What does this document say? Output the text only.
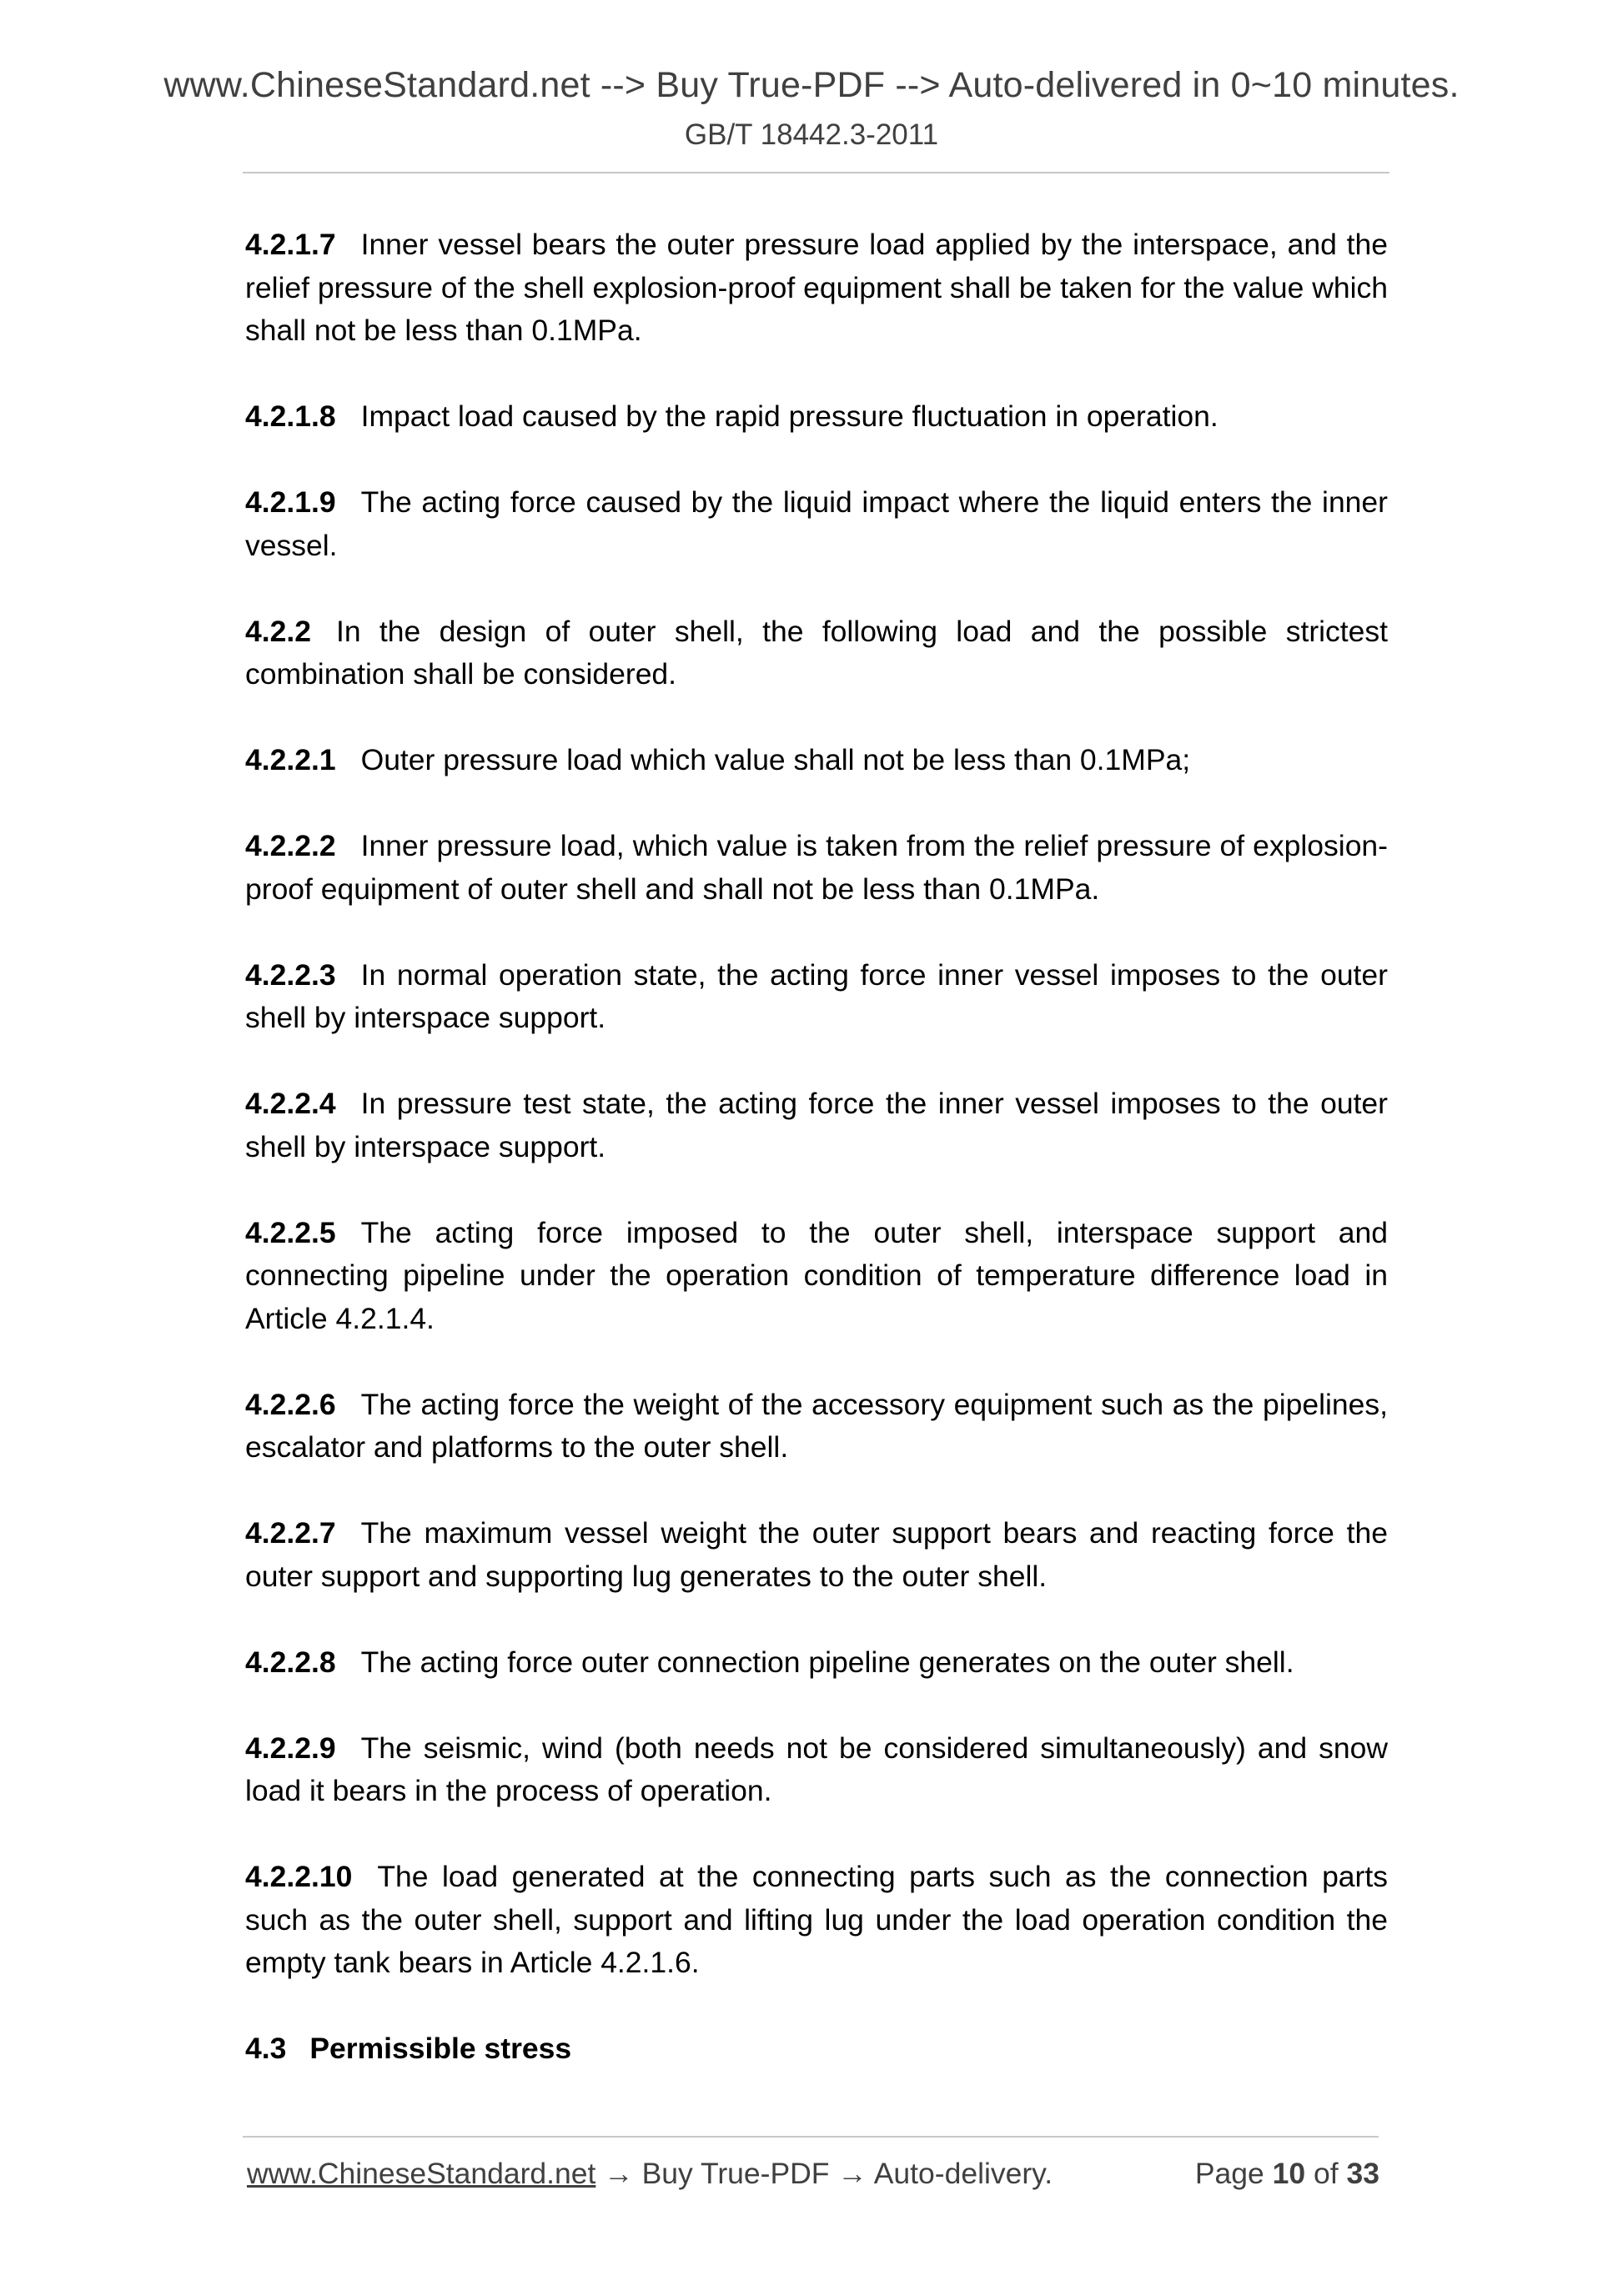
www.ChineseStandard.net --> Buy True-PDF --> Auto-delivered in 0~10 minutes.
GB/T 18442.3-2011

4.2.1.7 Inner vessel bears the outer pressure load applied by the interspace, and the relief pressure of the shell explosion-proof equipment shall be taken for the value which shall not be less than 0.1MPa.

4.2.1.8 Impact load caused by the rapid pressure fluctuation in operation.

4.2.1.9 The acting force caused by the liquid impact where the liquid enters the inner vessel.

4.2.2 In the design of outer shell, the following load and the possible strictest combination shall be considered.

4.2.2.1 Outer pressure load which value shall not be less than 0.1MPa;

4.2.2.2 Inner pressure load, which value is taken from the relief pressure of explosion-proof equipment of outer shell and shall not be less than 0.1MPa.

4.2.2.3 In normal operation state, the acting force inner vessel imposes to the outer shell by interspace support.

4.2.2.4 In pressure test state, the acting force the inner vessel imposes to the outer shell by interspace support.

4.2.2.5 The acting force imposed to the outer shell, interspace support and connecting pipeline under the operation condition of temperature difference load in Article 4.2.1.4.

4.2.2.6 The acting force the weight of the accessory equipment such as the pipelines, escalator and platforms to the outer shell.

4.2.2.7 The maximum vessel weight the outer support bears and reacting force the outer support and supporting lug generates to the outer shell.

4.2.2.8 The acting force outer connection pipeline generates on the outer shell.

4.2.2.9 The seismic, wind (both needs not be considered simultaneously) and snow load it bears in the process of operation.

4.2.2.10 The load generated at the connecting parts such as the connection parts such as the outer shell, support and lifting lug under the load operation condition the empty tank bears in Article 4.2.1.6.

4.3 Permissible stress

www.ChineseStandard.net → Buy True-PDF → Auto-delivery.	Page 10 of 33
